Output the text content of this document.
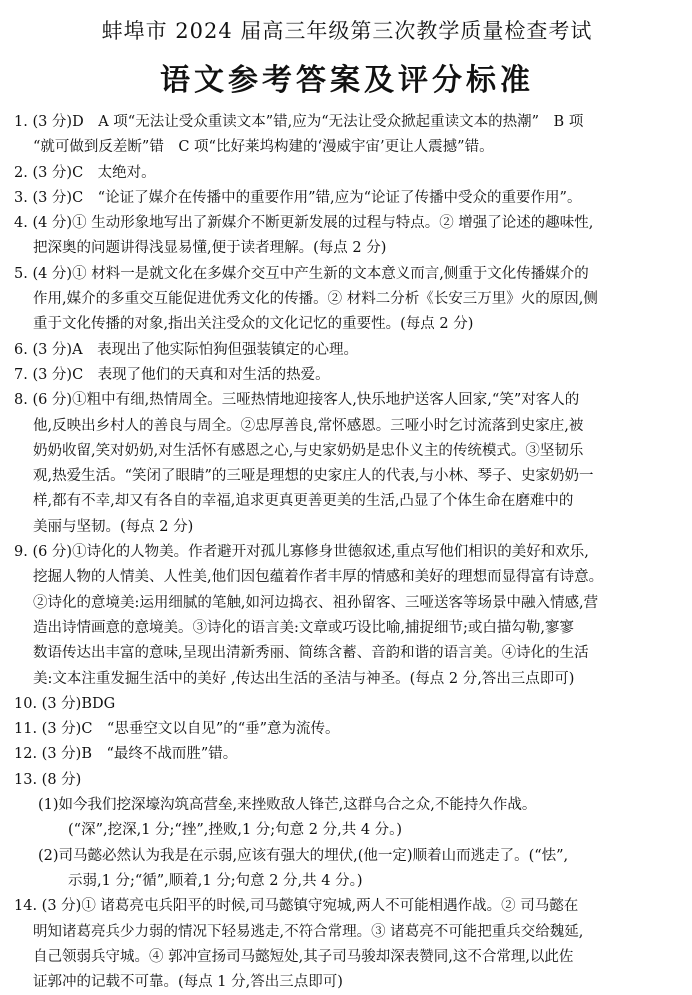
蚌埠市 2024 届高三年级第三次教学质量检查考试
语文参考答案及评分标准

1. (3 分)D　A 项“无法让受众重读文本”错,应为“无法让受众掀起重读文本的热潮”　B 项

“就可做到反差断”错　C 项“比好莱坞构建的‘漫威宇宙’更让人震撼”错。

2. (3 分)C　太绝对。

3. (3 分)C　“论证了媒介在传播中的重要作用”错,应为“论证了传播中受众的重要作用”。

4. (4 分)① 生动形象地写出了新媒介不断更新发展的过程与特点。② 增强了论述的趣味性,

把深奥的问题讲得浅显易懂,便于读者理解。(每点 2 分)

5. (4 分)① 材料一是就文化在多媒介交互中产生新的文本意义而言,侧重于文化传播媒介的

作用,媒介的多重交互能促进优秀文化的传播。② 材料二分析《长安三万里》火的原因,侧

重于文化传播的对象,指出关注受众的文化记忆的重要性。(每点 2 分)

6. (3 分)A　表现出了他实际怕狗但强装镇定的心理。

7. (3 分)C　表现了他们的天真和对生活的热爱。

8. (6 分)①粗中有细,热情周全。三哑热情地迎接客人,快乐地护送客人回家,“笑”对客人的

他,反映出乡村人的善良与周全。②忠厚善良,常怀感恩。三哑小时乞讨流落到史家庄,被

奶奶收留,笑对奶奶,对生活怀有感恩之心,与史家奶奶是忠仆义主的传统模式。③坚韧乐

观,热爱生活。“笑闭了眼睛”的三哑是理想的史家庄人的代表,与小林、琴子、史家奶奶一

样,都有不幸,却又有各自的幸福,追求更真更善更美的生活,凸显了个体生命在磨难中的

美丽与坚韧。(每点 2 分)

9. (6 分)①诗化的人物美。作者避开对孤儿寡修身世德叙述,重点写他们相识的美好和欢乐,

挖掘人物的人情美、人性美,他们因包蕴着作者丰厚的情感和美好的理想而显得富有诗意。

②诗化的意境美:运用细腻的笔触,如河边捣衣、祖孙留客、三哑送客等场景中融入情感,营

造出诗情画意的意境美。③诗化的语言美:文章或巧设比喻,捕捉细节;或白描勾勒,寥寥

数语传达出丰富的意味,呈现出清新秀丽、简练含蓄、音韵和谐的语言美。④诗化的生活

美:文本注重发掘生活中的美好 ,传达出生活的圣洁与神圣。(每点 2 分,答出三点即可)

10. (3 分)BDG

11. (3 分)C　“思垂空文以自见”的“垂”意为流传。

12. (3 分)B　“最终不战而胜”错。

13. (8 分)

(1)如今我们挖深壕沟筑高营垒,来挫败敌人锋芒,这群乌合之众,不能持久作战。

(“深”,挖深,1 分;“挫”,挫败,1 分;句意 2 分,共 4 分。)

(2)司马懿必然认为我是在示弱,应该有强大的埋伏,(他一定)顺着山而逃走了。(“怯”,

示弱,1 分;“循”,顺着,1 分;句意 2 分,共 4 分。)

14. (3 分)① 诸葛亮屯兵阳平的时候,司马懿镇守宛城,两人不可能相遇作战。② 司马懿在

明知诸葛亮兵少力弱的情况下轻易逃走,不符合常理。③ 诸葛亮不可能把重兵交给魏延,

自己领弱兵守城。④ 郭冲宣扬司马懿短处,其子司马骏却深表赞同,这不合常理,以此佐

证郭冲的记载不可靠。(每点 1 分,答出三点即可)
